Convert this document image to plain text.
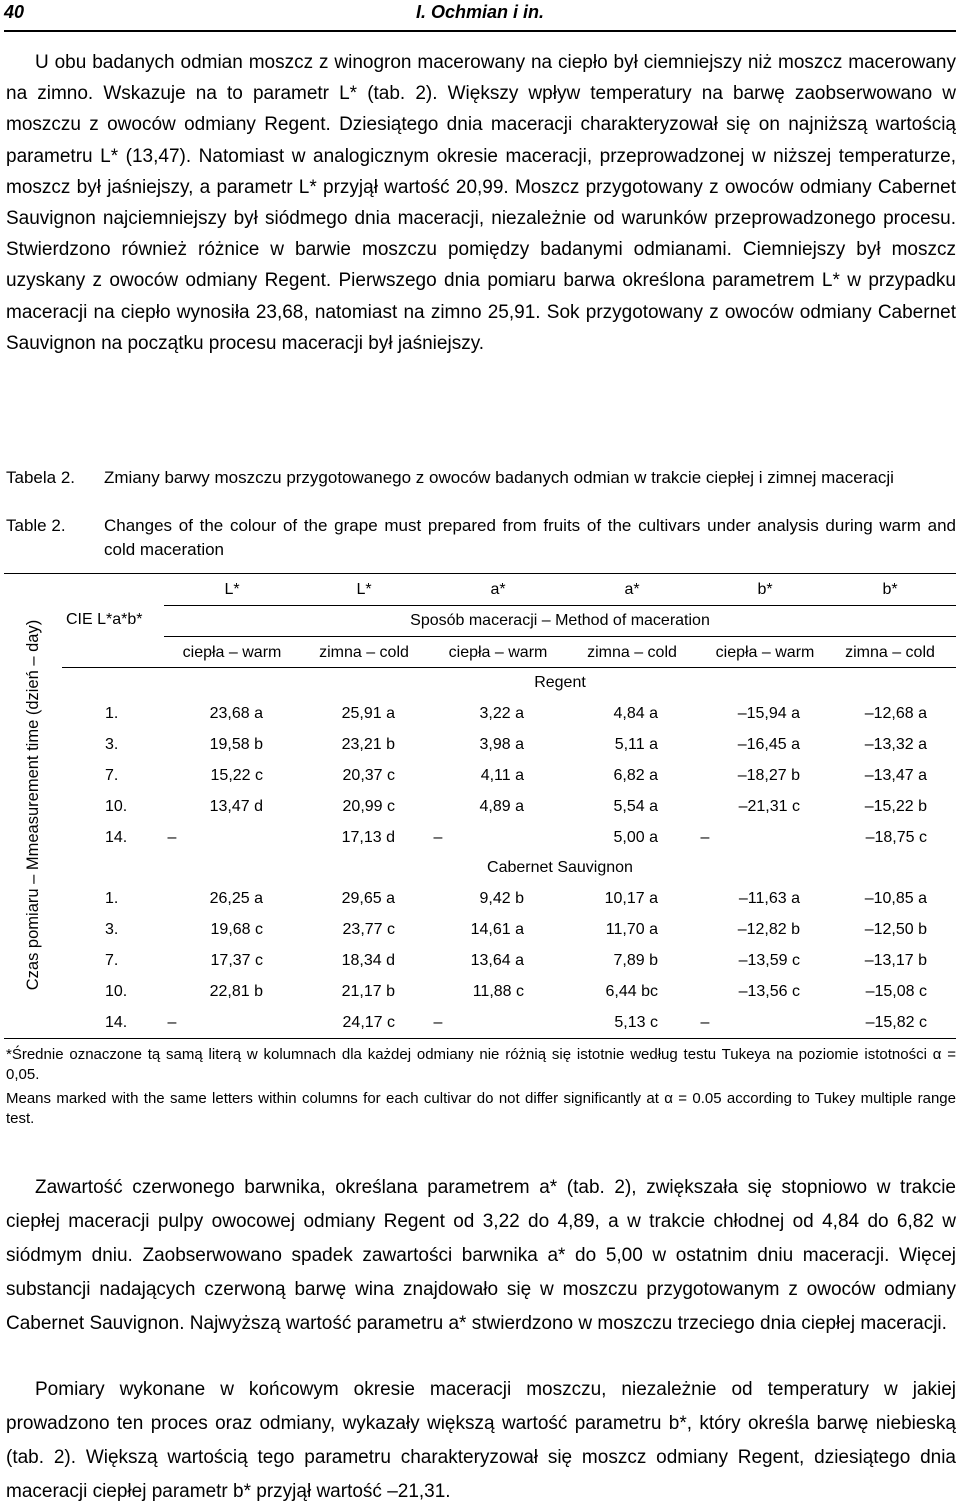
40	I. Ochmian i in.

U obu badanych odmian moszcz z winogron macerowany na ciepło był ciemniejszy niż moszcz macerowany na zimno. Wskazuje na to parametr L* (tab. 2). Większy wpływ temperatury na barwę zaobserwowano w moszczu z owoców odmiany Regent. Dziesiątego dnia maceracji charakteryzował się on najniższą wartością parametru L* (13,47). Natomiast w analogicznym okresie maceracji, przeprowadzonej w niższej temperaturze, moszcz był jaśniejszy, a parametr L* przyjął wartość 20,99. Moszcz przygotowany z owoców odmiany Cabernet Sauvignon najciemniejszy był siódmego dnia maceracji, niezależnie od warunków przeprowadzonego procesu. Stwierdzono również różnice w barwie moszczu pomiędzy badanymi odmianami. Ciemniejszy był moszcz uzyskany z owoców odmiany Regent. Pierwszego dnia pomiaru barwa określona parametrem L* w przypadku maceracji na ciepło wynosiła 23,68, natomiast na zimno 25,91. Sok przygotowany z owoców odmiany Cabernet Sauvignon na początku procesu maceracji był jaśniejszy.

Tabela 2. Zmiany barwy moszczu przygotowanego z owoców badanych odmian w trakcie ciepłej i zimnej maceracji
Table 2. Changes of the colour of the grape must prepared from fruits of the cultivars under analysis during warm and cold maceration
Czas pomiaru – Mmeasurement time (dzień – day)
CIE L*a*b*	Sposób maceracji – Method of maceration
L*	L*	a*	a*	b*	b*
ciepła – warm	zimna – cold	ciepła – warm	zimna – cold	ciepła – warm	zimna – cold
Regent
1.	23,68 a	25,91 a	3,22 a	4,84 a	–15,94 a	–12,68 a
3.	19,58 b	23,21 b	3,98 a	5,11 a	–16,45 a	–13,32 a
7.	15,22 c	20,37 c	4,11 a	6,82 a	–18,27 b	–13,47 a
10.	13,47 d	20,99 c	4,89 a	5,54 a	–21,31 c	–15,22 b
14.	–	17,13 d	–	5,00 a	–	–18,75 c
Cabernet Sauvignon
1.	26,25 a	29,65 a	9,42 b	10,17 a	–11,63 a	–10,85 a
3.	19,68 c	23,77 c	14,61 a	11,70 a	–12,82 b	–12,50 b
7.	17,37 c	18,34 d	13,64 a	7,89 b	–13,59 c	–13,17 b
10.	22,81 b	21,17 b	11,88 c	6,44 bc	–13,56 c	–15,08 c
14.	–	24,17 c	–	5,13 c	–	–15,82 c

*Średnie oznaczone tą samą literą w kolumnach dla każdej odmiany nie różnią się istotnie według testu Tukeya na poziomie istotności α = 0,05.

Means marked with the same letters within columns for each cultivar do not differ significantly at α = 0.05 according to Tukey multiple range test.

Zawartość czerwonego barwnika, określana parametrem a* (tab. 2), zwiększała się stopniowo w trakcie ciepłej maceracji pulpy owocowej odmiany Regent od 3,22 do 4,89, a w trakcie chłodnej od 4,84 do 6,82 w siódmym dniu. Zaobserwowano spadek zawartości barwnika a* do 5,00 w ostatnim dniu maceracji. Więcej substancji nadających czerwoną barwę wina znajdowało się w moszczu przygotowanym z owoców odmiany Cabernet Sauvignon. Najwyższą wartość parametru a* stwierdzono w moszczu trzeciego dnia ciepłej maceracji.

Pomiary wykonane w końcowym okresie maceracji moszczu, niezależnie od temperatury w jakiej prowadzono ten proces oraz odmiany, wykazały większą wartość parametru b*, który określa barwę niebieską (tab. 2). Większą wartością tego parametru charakteryzował się moszcz odmiany Regent, dziesiątego dnia maceracji ciepłej parametr b* przyjął wartość –21,31.
